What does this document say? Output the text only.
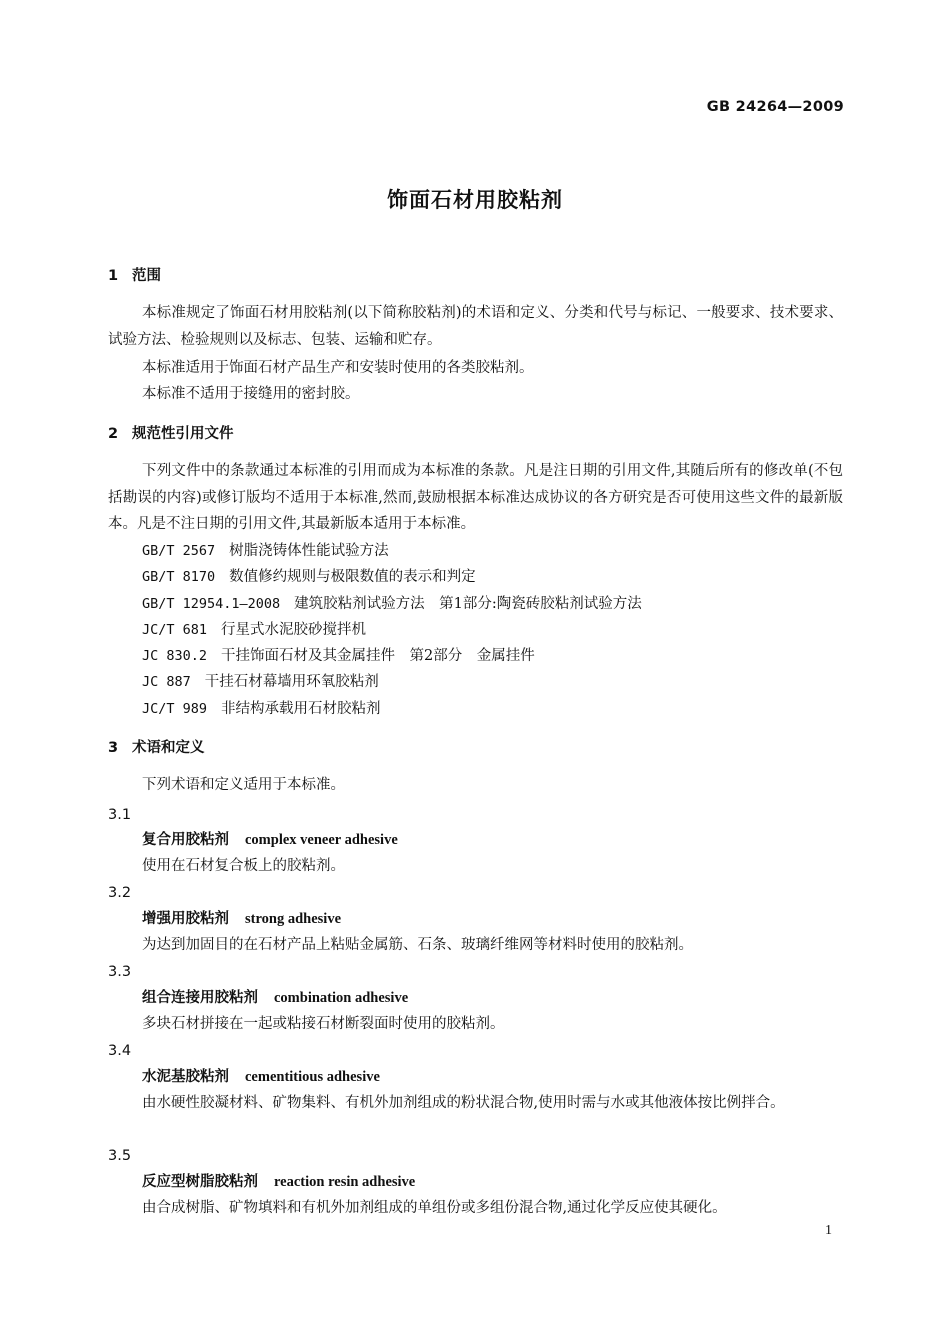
GB 24264—2009
饰面石材用胶粘剂
1 范围
本标准规定了饰面石材用胶粘剂(以下简称胶粘剂)的术语和定义、分类和代号与标记、一般要求、技术要求、试验方法、检验规则以及标志、包装、运输和贮存。
本标准适用于饰面石材产品生产和安装时使用的各类胶粘剂。
本标准不适用于接缝用的密封胶。
2 规范性引用文件
下列文件中的条款通过本标准的引用而成为本标准的条款。凡是注日期的引用文件,其随后所有的修改单(不包括勘误的内容)或修订版均不适用于本标准,然而,鼓励根据本标准达成协议的各方研究是否可使用这些文件的最新版本。凡是不注日期的引用文件,其最新版本适用于本标准。
GB/T 2567 树脂浇铸体性能试验方法
GB/T 8170 数值修约规则与极限数值的表示和判定
GB/T 12954.1—2008 建筑胶粘剂试验方法　第1部分:陶瓷砖胶粘剂试验方法
JC/T 681 行星式水泥胶砂搅拌机
JC 830.2 干挂饰面石材及其金属挂件　第2部分　金属挂件
JC 887 干挂石材幕墙用环氧胶粘剂
JC/T 989 非结构承载用石材胶粘剂
3 术语和定义
下列术语和定义适用于本标准。
3.1
复合用胶粘剂 complex veneer adhesive
使用在石材复合板上的胶粘剂。
3.2
增强用胶粘剂 strong adhesive
为达到加固目的在石材产品上粘贴金属筋、石条、玻璃纤维网等材料时使用的胶粘剂。
3.3
组合连接用胶粘剂 combination adhesive
多块石材拼接在一起或粘接石材断裂面时使用的胶粘剂。
3.4
水泥基胶粘剂 cementitious adhesive
由水硬性胶凝材料、矿物集料、有机外加剂组成的粉状混合物,使用时需与水或其他液体按比例拌合。
3.5
反应型树脂胶粘剂 reaction resin adhesive
由合成树脂、矿物填料和有机外加剂组成的单组份或多组份混合物,通过化学反应使其硬化。
1
